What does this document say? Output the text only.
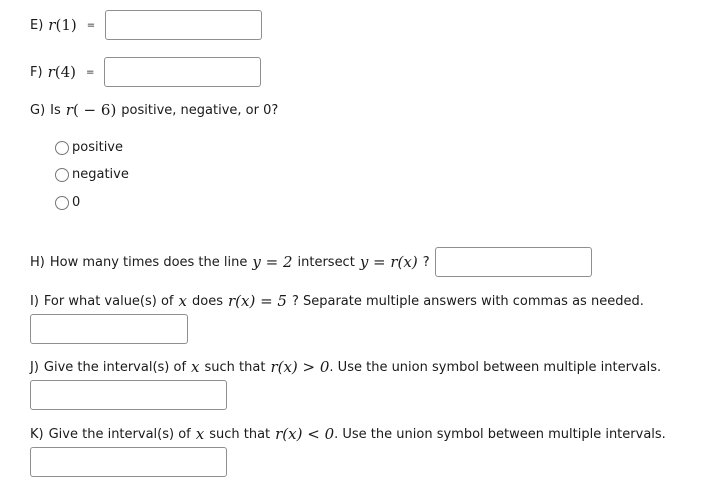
E) r(1) =
F) r(4) =
G) Is r( − 6) positive, negative, or 0?
positive
negative
0
H) How many times does the line y = 2 intersect y = r(x) ?
I) For what value(s) of x does r(x) = 5 ? Separate multiple answers with commas as needed.
J) Give the interval(s) of x such that r(x) > 0 . Use the union symbol between multiple intervals.
K) Give the interval(s) of x such that r(x) < 0 . Use the union symbol between multiple intervals.
